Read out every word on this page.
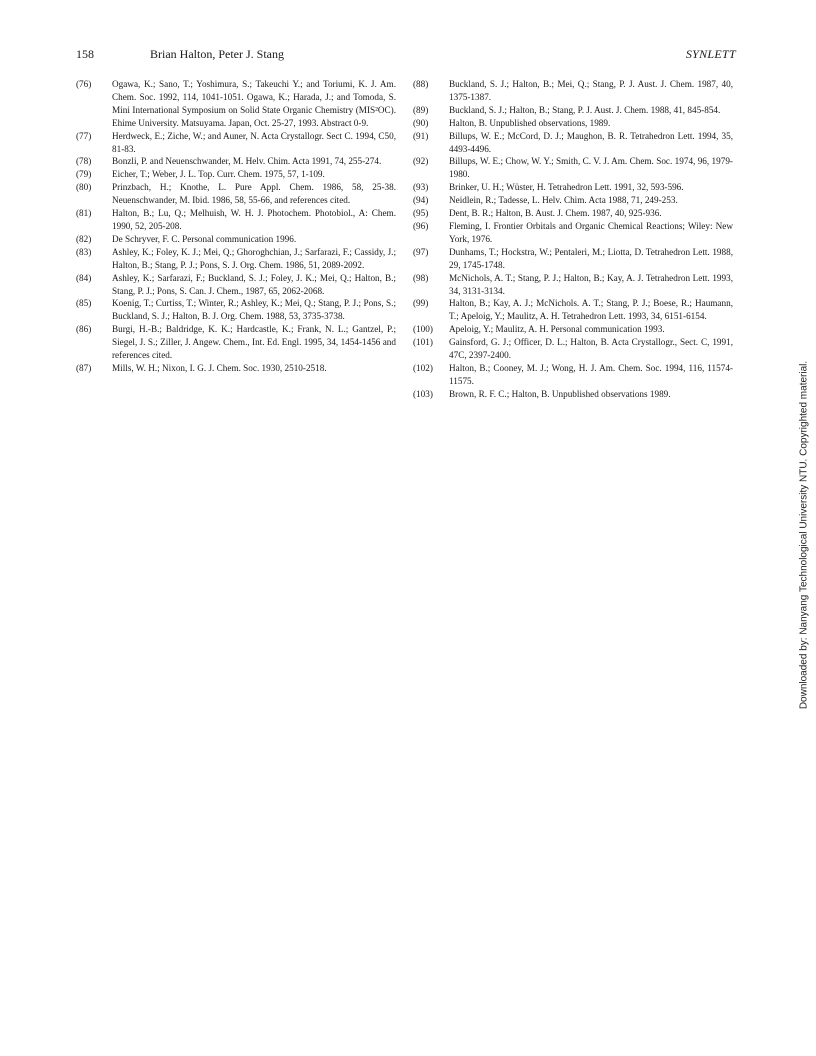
158	Brian Halton, Peter J. Stang	SYNLETT
(76) Ogawa, K.; Sano, T.; Yoshimura, S.; Takeuchi Y.; and Toriumi, K. J. Am. Chem. Soc. 1992, 114, 1041-1051. Ogawa, K.; Harada, J.; and Tomoda, S. Mini International Symposium on Solid State Organic Chemistry (MIS²OC). Ehime University. Matsuyama. Japan, Oct. 25-27, 1993. Abstract 0-9.
(77) Herdweck, E.; Ziche, W.; and Auner, N. Acta Crystallogr. Sect C. 1994, C50, 81-83.
(78) Bonzli, P. and Neuenschwander, M. Helv. Chim. Acta 1991, 74, 255-274.
(79) Eicher, T.; Weber, J. L. Top. Curr. Chem. 1975, 57, 1-109.
(80) Prinzbach, H.; Knothe, L. Pure Appl. Chem. 1986, 58, 25-38. Neuenschwander, M. Ibid. 1986, 58, 55-66, and references cited.
(81) Halton, B.; Lu, Q.; Melhuish, W. H. J. Photochem. Photobiol., A: Chem. 1990, 52, 205-208.
(82) De Schryver, F. C. Personal communication 1996.
(83) Ashley, K.; Foley, K. J.; Mei, Q.; Ghoroghchian, J.; Sarfarazi, F.; Cassidy, J.; Halton, B.; Stang, P. J.; Pons, S. J. Org. Chem. 1986, 51, 2089-2092.
(84) Ashley, K.; Sarfarazi, F.; Buckland, S. J.; Foley, J. K.; Mei, Q.; Halton, B.; Stang, P. J.; Pons, S. Can. J. Chem., 1987, 65, 2062-2068.
(85) Koenig, T.; Curtiss, T.; Winter, R.; Ashley, K.; Mei, Q.; Stang, P. J.; Pons, S.; Buckland, S. J.; Halton, B. J. Org. Chem. 1988, 53, 3735-3738.
(86) Burgi, H.-B.; Baldridge, K. K.; Hardcastle, K.; Frank, N. L.; Gantzel, P.; Siegel, J. S.; Ziller, J. Angew. Chem., Int. Ed. Engl. 1995, 34, 1454-1456 and references cited.
(87) Mills, W. H.; Nixon, I. G. J. Chem. Soc. 1930, 2510-2518.
(88) Buckland, S. J.; Halton, B.; Mei, Q.; Stang, P. J. Aust. J. Chem. 1987, 40, 1375-1387.
(89) Buckland, S. J.; Halton, B.; Stang, P. J. Aust. J. Chem. 1988, 41, 845-854.
(90) Halton, B. Unpublished observations, 1989.
(91) Billups, W. E.; McCord, D. J.; Maughon, B. R. Tetrahedron Lett. 1994, 35, 4493-4496.
(92) Billups, W. E.; Chow, W. Y.; Smith, C. V. J. Am. Chem. Soc. 1974, 96, 1979-1980.
(93) Brinker, U. H.; Wüster, H. Tetrahedron Lett. 1991, 32, 593-596.
(94) Neidlein, R.; Tadesse, L. Helv. Chim. Acta 1988, 71, 249-253.
(95) Dent, B. R.; Halton, B. Aust. J. Chem. 1987, 40, 925-936.
(96) Fleming, I. Frontier Orbitals and Organic Chemical Reactions; Wiley: New York, 1976.
(97) Dunhams, T.; Hockstra, W.; Pentaleri, M.; Liotta, D. Tetrahedron Lett. 1988, 29, 1745-1748.
(98) McNichols, A. T.; Stang, P. J.; Halton, B.; Kay, A. J. Tetrahedron Lett. 1993, 34, 3131-3134.
(99) Halton, B.; Kay, A. J.; McNichols. A. T.; Stang, P. J.; Boese, R.; Haumann, T.; Apeloig, Y.; Maulitz, A. H. Tetrahedron Lett. 1993, 34, 6151-6154.
(100) Apeloig, Y.; Maulitz, A. H. Personal communication 1993.
(101) Gainsford, G. J.; Officer, D. L.; Halton, B. Acta Crystallogr., Sect. C, 1991, 47C, 2397-2400.
(102) Halton, B.; Cooney, M. J.; Wong, H. J. Am. Chem. Soc. 1994, 116, 11574-11575.
(103) Brown, R. F. C.; Halton, B. Unpublished observations 1989.	Downloaded by: Nanyang Technological University NTU. Copyrighted material.
